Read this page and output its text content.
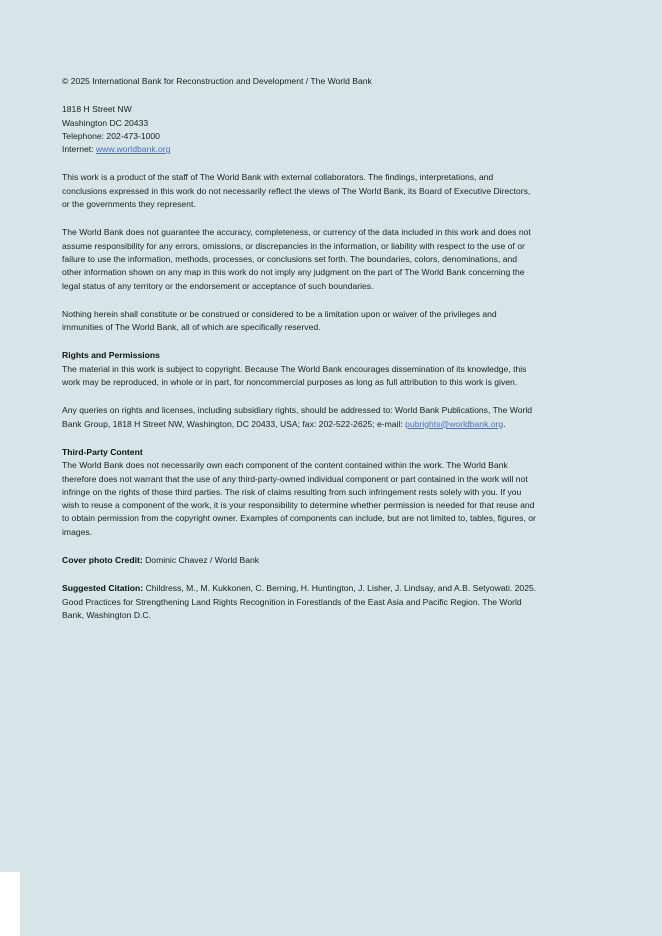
© 2025 International Bank for Reconstruction and Development / The World Bank

1818 H Street NW
Washington DC 20433
Telephone: 202-473-1000
Internet: www.worldbank.org

This work is a product of the staff of The World Bank with external collaborators. The findings, interpretations, and conclusions expressed in this work do not necessarily reflect the views of The World Bank, its Board of Executive Directors, or the governments they represent.

The World Bank does not guarantee the accuracy, completeness, or currency of the data included in this work and does not assume responsibility for any errors, omissions, or discrepancies in the information, or liability with respect to the use of or failure to use the information, methods, processes, or conclusions set forth. The boundaries, colors, denominations, and other information shown on any map in this work do not imply any judgment on the part of The World Bank concerning the legal status of any territory or the endorsement or acceptance of such boundaries.

Nothing herein shall constitute or be construed or considered to be a limitation upon or waiver of the privileges and immunities of The World Bank, all of which are specifically reserved.

Rights and Permissions
The material in this work is subject to copyright. Because The World Bank encourages dissemination of its knowledge, this work may be reproduced, in whole or in part, for noncommercial purposes as long as full attribution to this work is given.

Any queries on rights and licenses, including subsidiary rights, should be addressed to: World Bank Publications, The World Bank Group, 1818 H Street NW, Washington, DC 20433, USA; fax: 202-522-2625; e-mail: pubrights@worldbank.org.

Third-Party Content
The World Bank does not necessarily own each component of the content contained within the work. The World Bank therefore does not warrant that the use of any third-party-owned individual component or part contained in the work will not infringe on the rights of those third parties. The risk of claims resulting from such infringement rests solely with you. If you wish to reuse a component of the work, it is your responsibility to determine whether permission is needed for that reuse and to obtain permission from the copyright owner. Examples of components can include, but are not limited to, tables, figures, or images.

Cover photo Credit: Dominic Chavez / World Bank

Suggested Citation: Childress, M., M. Kukkonen, C. Berning, H. Huntington, J. Lisher, J. Lindsay, and A.B. Setyowati. 2025. Good Practices for Strengthening Land Rights Recognition in Forestlands of the East Asia and Pacific Region. The World Bank, Washington D.C.
